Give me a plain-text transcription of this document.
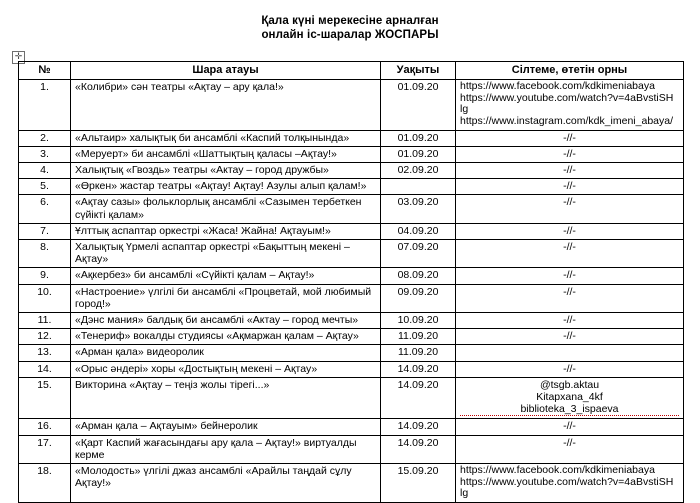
Қала күні мерекесіне арналған
онлайн іс-шаралар ЖОСПАРЫ
✛
№	Шара атауы	Уақыты	Сілтеме, өтетін орны
1.	«Колибри» сән театры «Ақтау – ару қала!»	01.09.20	https://www.facebook.com/kdkimeniabaya
https://www.youtube.com/watch?v=4aBvstiSH
lg
https://www.instagram.com/kdk_imeni_abaya/

2.	«Альтаир» халықтық би ансамблі «Каспий толқынында»	01.09.20	-//-
3.	«Меруерт» би ансамблі «Шаттықтың қаласы –Ақтау!»	01.09.20	-//-
4.	Халықтық «Гвоздь» театры «Актау – город дружбы»	02.09.20	-//-
5.	«Өркен» жастар театры «Ақтау! Ақтау! Азулы алып қалам!»		-//-
6.	«Ақтау сазы» фольклорлық ансамблі «Сазымен тербеткен сүйікті қалам»	03.09.20	-//-
7.	Ұлттық аспаптар оркестрі «Жаса! Жайна! Ақтауым!»	04.09.20	-//-
8.	Халықтық Үрмелі аспаптар оркестрі «Бақыттың мекені – Ақтау»	07.09.20	-//-
9.	«Ақкербез» би ансамблі «Сүйікті қалам – Ақтау!»	08.09.20	-//-
10.	«Настроение» үлгілі би ансамблі «Процветай, мой любимый город!»	09.09.20	-//-
11.	«Дэнс мания» балдық би ансамблі «Актау – город мечты»	10.09.20	-//-
12.	«Тенериф» вокалды студиясы «Ақмаржан қалам – Ақтау»	11.09.20	-//-
13.	«Арман қала» видеоролик	11.09.20	
14.	«Орыс әндері» хоры «Достықтың мекені – Ақтау»	14.09.20	-//-
15.	Викторина «Ақтау – теңіз жолы тірегі...»	14.09.20	@tsgb.aktau
Kitapxana_4kf
biblioteka_3_ispaeva

16.	«Арман қала – Ақтауым» бейнеролик	14.09.20	-//-
17.	«Қарт Каспий жағасындағы ару қала – Ақтау!» виртуалды керме	14.09.20	-//-
18.	«Молодость» үлгілі джаз ансамблі «Арайлы таңдай сұлу Ақтау!»	15.09.20	https://www.facebook.com/kdkimeniabaya
https://www.youtube.com/watch?v=4aBvstiSH
lg
